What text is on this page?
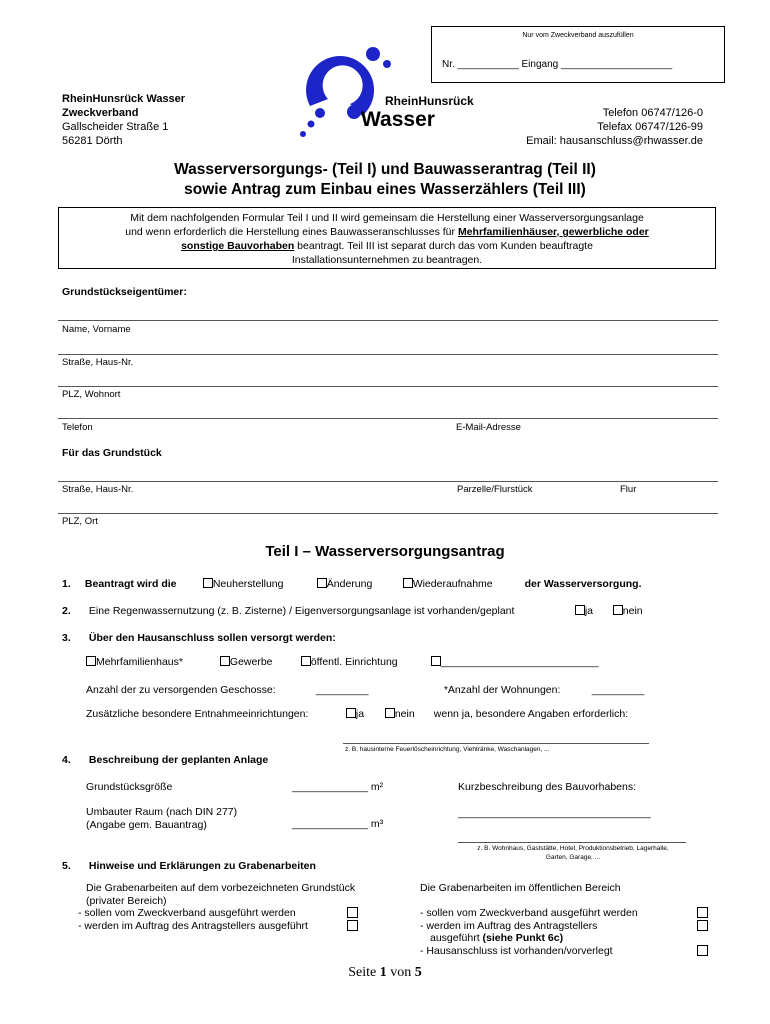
Nur vom Zweckverband auszufüllen
Nr. ___________ Eingang ____________________
RheinHunsrück Wasser
Zweckverband
Gallscheider Straße 1
56281 Dörth
RheinHunsrück
Wasser	Telefon 06747/126-0
Telefax 06747/126-99
Email: hausanschluss@rhwasser.de
Wasserversorgungs- (Teil I) und Bauwasserantrag (Teil II)
sowie Antrag zum Einbau eines Wasserzählers (Teil III)
Mit dem nachfolgenden Formular Teil I und II wird gemeinsam die Herstellung einer Wasserversorgungsanlage
und wenn erforderlich die Herstellung eines Bauwasseranschlusses für Mehrfamilienhäuser, gewerbliche oder
sonstige Bauvorhaben beantragt. Teil III ist separat durch das vom Kunden beauftragte
Installationsunternehmen zu beantragen.
Grundstückseigentümer:
Name, Vorname
Straße, Haus-Nr.
PLZ, Wohnort
Telefon	E-Mail-Adresse
Für das Grundstück
Straße, Haus-Nr.	Parzelle/Flurstück	Flur
PLZ, Ort
Teil I – Wasserversorgungsantrag
1. Beantragt wird die	Neuherstellung	Änderung	Wiederaufnahme	der Wasserversorgung.
2. Eine Regenwassernutzung (z. B. Zisterne) / Eigenversorgungsanlage ist vorhanden/geplant	ja	nein
3. Über den Hausanschluss sollen versorgt werden:
Mehrfamilienhaus*	Gewerbe	öffentl. Einrichtung	___________________________
Anzahl der zu versorgenden Geschosse:	_________	*Anzahl der Wohnungen:	_________
Zusätzliche besondere Entnahmeeinrichtungen:	ja	nein wenn ja, besondere Angaben erforderlich:
z. B. hausinterne Feuerlöscheinrichtung, Viehtränke, Waschanlagen, ...
4. Beschreibung der geplanten Anlage
Grundstücksgröße	_____________ m²	Kurzbeschreibung des Bauvorhabens:
_________________________________
Umbauter Raum (nach DIN 277)
(Angabe gem. Bauantrag)	_____________ m³
z. B. Wohnhaus, Gaststätte, Hotel, Produktionsbetrieb, Lagerhalle,
Garten, Garage, ...
5. Hinweise und Erklärungen zu Grabenarbeiten
Die Grabenarbeiten auf dem vorbezeichneten Grundstück
(privater Bereich)
- sollen vom Zweckverband ausgeführt werden
- werden im Auftrag des Antragstellers ausgeführt
Die Grabenarbeiten im öffentlichen Bereich
- sollen vom Zweckverband ausgeführt werden
- werden im Auftrag des Antragstellers
ausgeführt (siehe Punkt 6c)
- Hausanschluss ist vorhanden/vorverlegt
Seite 1 von 5
